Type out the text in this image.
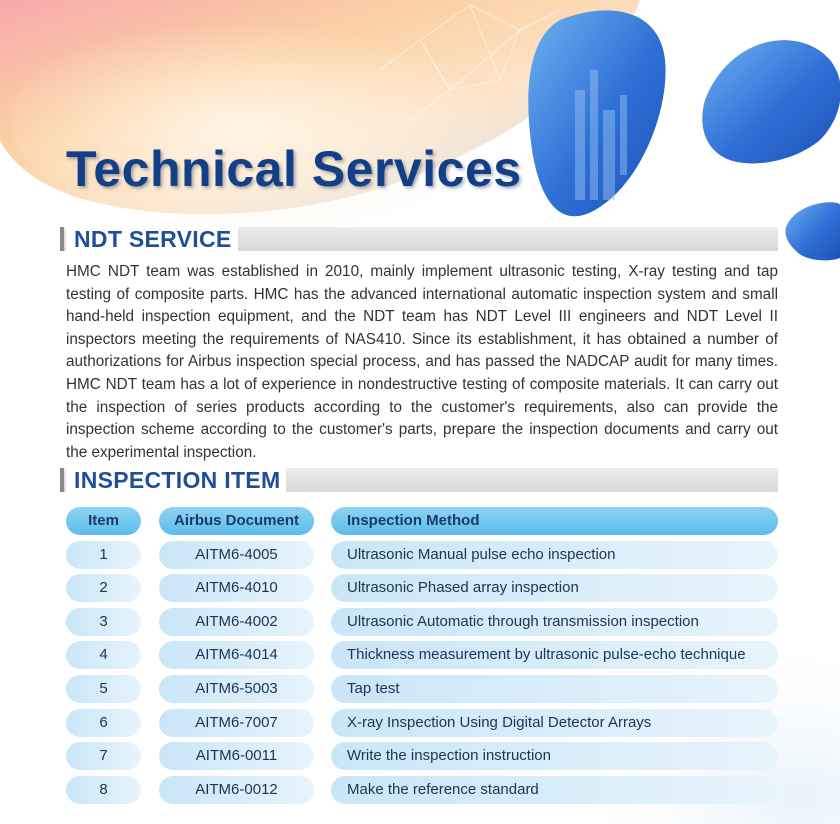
Technical Services
NDT SERVICE

HMC NDT team was established in 2010, mainly implement ultrasonic testing, X-ray testing and tap testing of composite parts. HMC has the advanced international automatic inspection system and small hand-held inspection equipment, and the NDT team has NDT Level III engineers and NDT Level II inspectors meeting the requirements of NAS410. Since its establishment, it has obtained a number of authorizations for Airbus inspection special process, and has passed the NADCAP audit for many times. HMC NDT team has a lot of experience in nondestructive testing of composite materials. It can carry out the inspection of series products according to the customer's requirements, also can provide the inspection scheme according to the customer's parts, prepare the inspection documents and carry out the experimental inspection.

INSPECTION ITEM
Item	Airbus Document	Inspection Method
1	AITM6-4005	Ultrasonic Manual pulse echo inspection
2	AITM6-4010	Ultrasonic Phased array inspection
3	AITM6-4002	Ultrasonic Automatic through transmission inspection
4	AITM6-4014	Thickness measurement by ultrasonic pulse-echo technique
5	AITM6-5003	Tap test
6	AITM6-7007	X-ray Inspection Using Digital Detector Arrays
7	AITM6-0011	Write the inspection instruction
8	AITM6-0012	Make the reference standard
